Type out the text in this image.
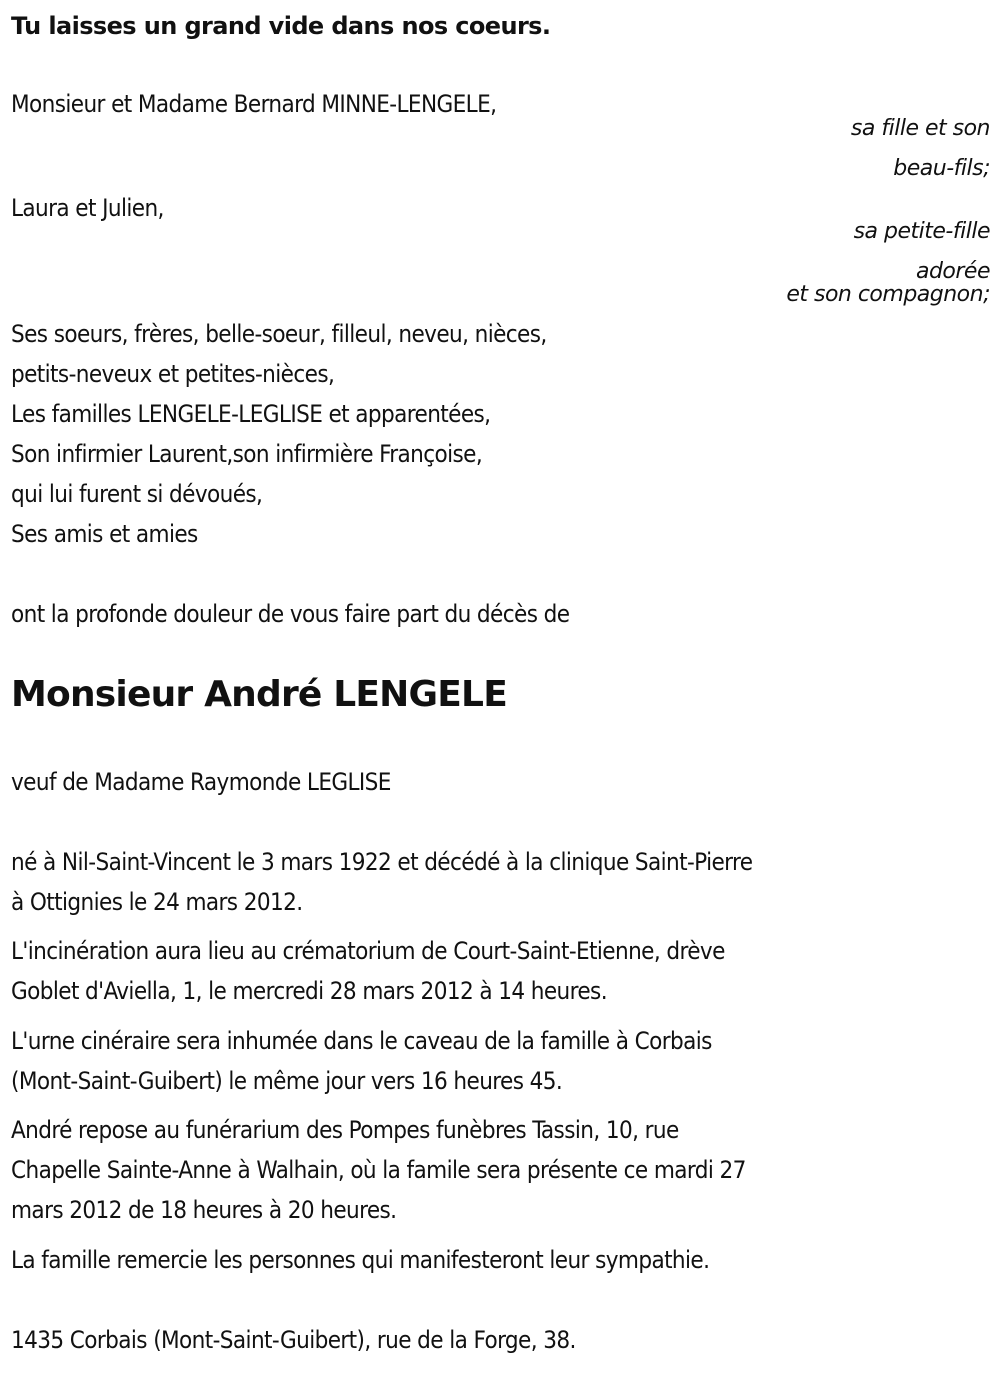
Tu laisses un grand vide dans nos coeurs.
Monsieur et Madame Bernard MINNE-LENGELE,
sa fille et son
beau-fils;
Laura et Julien,
sa petite-fille
adorée
et son compagnon;
Ses soeurs, frères, belle-soeur, filleul, neveu, nièces,
petits-neveux et petites-nièces,
Les familles LENGELE-LEGLISE et apparentées,
Son infirmier Laurent,son infirmière Françoise,
qui lui furent si dévoués,
Ses amis et amies
ont la profonde douleur de vous faire part du décès de
Monsieur André LENGELE
veuf de Madame Raymonde LEGLISE
né à Nil-Saint-Vincent le 3 mars 1922 et décédé à la clinique Saint-Pierre
à Ottignies le 24 mars 2012.
L'incinération aura lieu au crématorium de Court-Saint-Etienne, drève
Goblet d'Aviella, 1, le mercredi 28 mars 2012 à 14 heures.
L'urne cinéraire sera inhumée dans le caveau de la famille à Corbais
(Mont-Saint-Guibert) le même jour vers 16 heures 45.
André repose au funérarium des Pompes funèbres Tassin, 10, rue
Chapelle Sainte-Anne à Walhain, où la famile sera présente ce mardi 27
mars 2012 de 18 heures à 20 heures.
La famille remercie les personnes qui manifesteront leur sympathie.
1435 Corbais (Mont-Saint-Guibert), rue de la Forge, 38.
